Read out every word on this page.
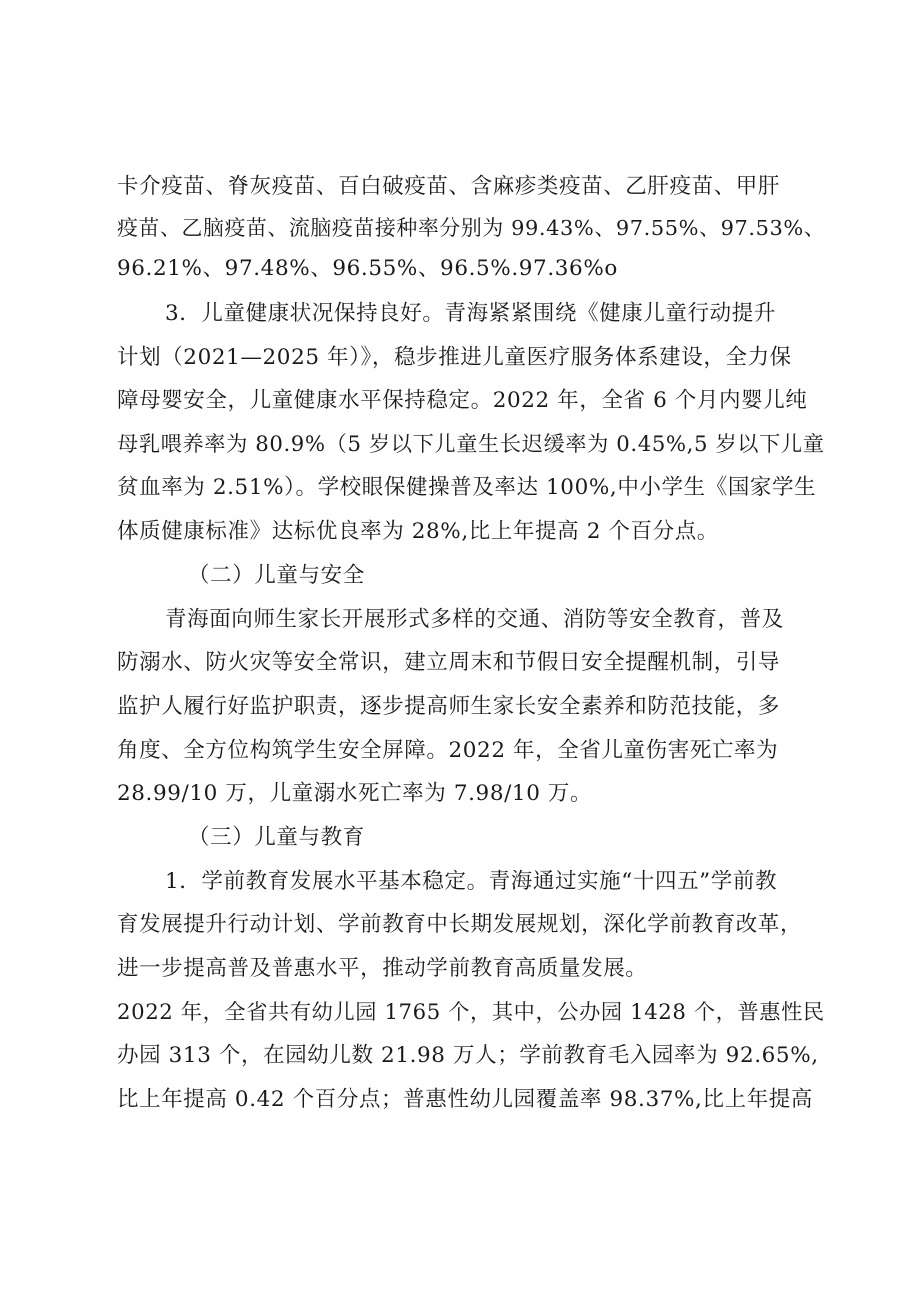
卡介疫苗、脊灰疫苗、百白破疫苗、含麻疹类疫苗、乙肝疫苗、甲肝
疫苗、乙脑疫苗、流脑疫苗接种率分别为 99.43%、97.55%、97.53%、
96.21%、97.48%、96.55%、96.5%.97.36%o
3．儿童健康状况保持良好。青海紧紧围绕《健康儿童行动提升
计划（2021—2025 年）》，稳步推进儿童医疗服务体系建设，全力保
障母婴安全，儿童健康水平保持稳定。2022 年，全省 6 个月内婴儿纯
母乳喂养率为 80.9%（5 岁以下儿童生长迟缓率为 0.45%,5 岁以下儿童
贫血率为 2.51%）。学校眼保健操普及率达 100%,中小学生《国家学生
体质健康标准》达标优良率为 28%,比上年提高 2 个百分点。
（二）儿童与安全
青海面向师生家长开展形式多样的交通、消防等安全教育，普及
防溺水、防火灾等安全常识，建立周末和节假日安全提醒机制，引导
监护人履行好监护职责，逐步提高师生家长安全素养和防范技能，多
角度、全方位构筑学生安全屏障。2022 年，全省儿童伤害死亡率为
28.99/10 万，儿童溺水死亡率为 7.98/10 万。
（三）儿童与教育
1．学前教育发展水平基本稳定。青海通过实施“十四五”学前教
育发展提升行动计划、学前教育中长期发展规划，深化学前教育改革，
进一步提高普及普惠水平，推动学前教育高质量发展。
2022 年，全省共有幼儿园 1765 个，其中，公办园 1428 个，普惠性民
办园 313 个，在园幼儿数 21.98 万人；学前教育毛入园率为 92.65%,
比上年提高 0.42 个百分点；普惠性幼儿园覆盖率 98.37%,比上年提高
